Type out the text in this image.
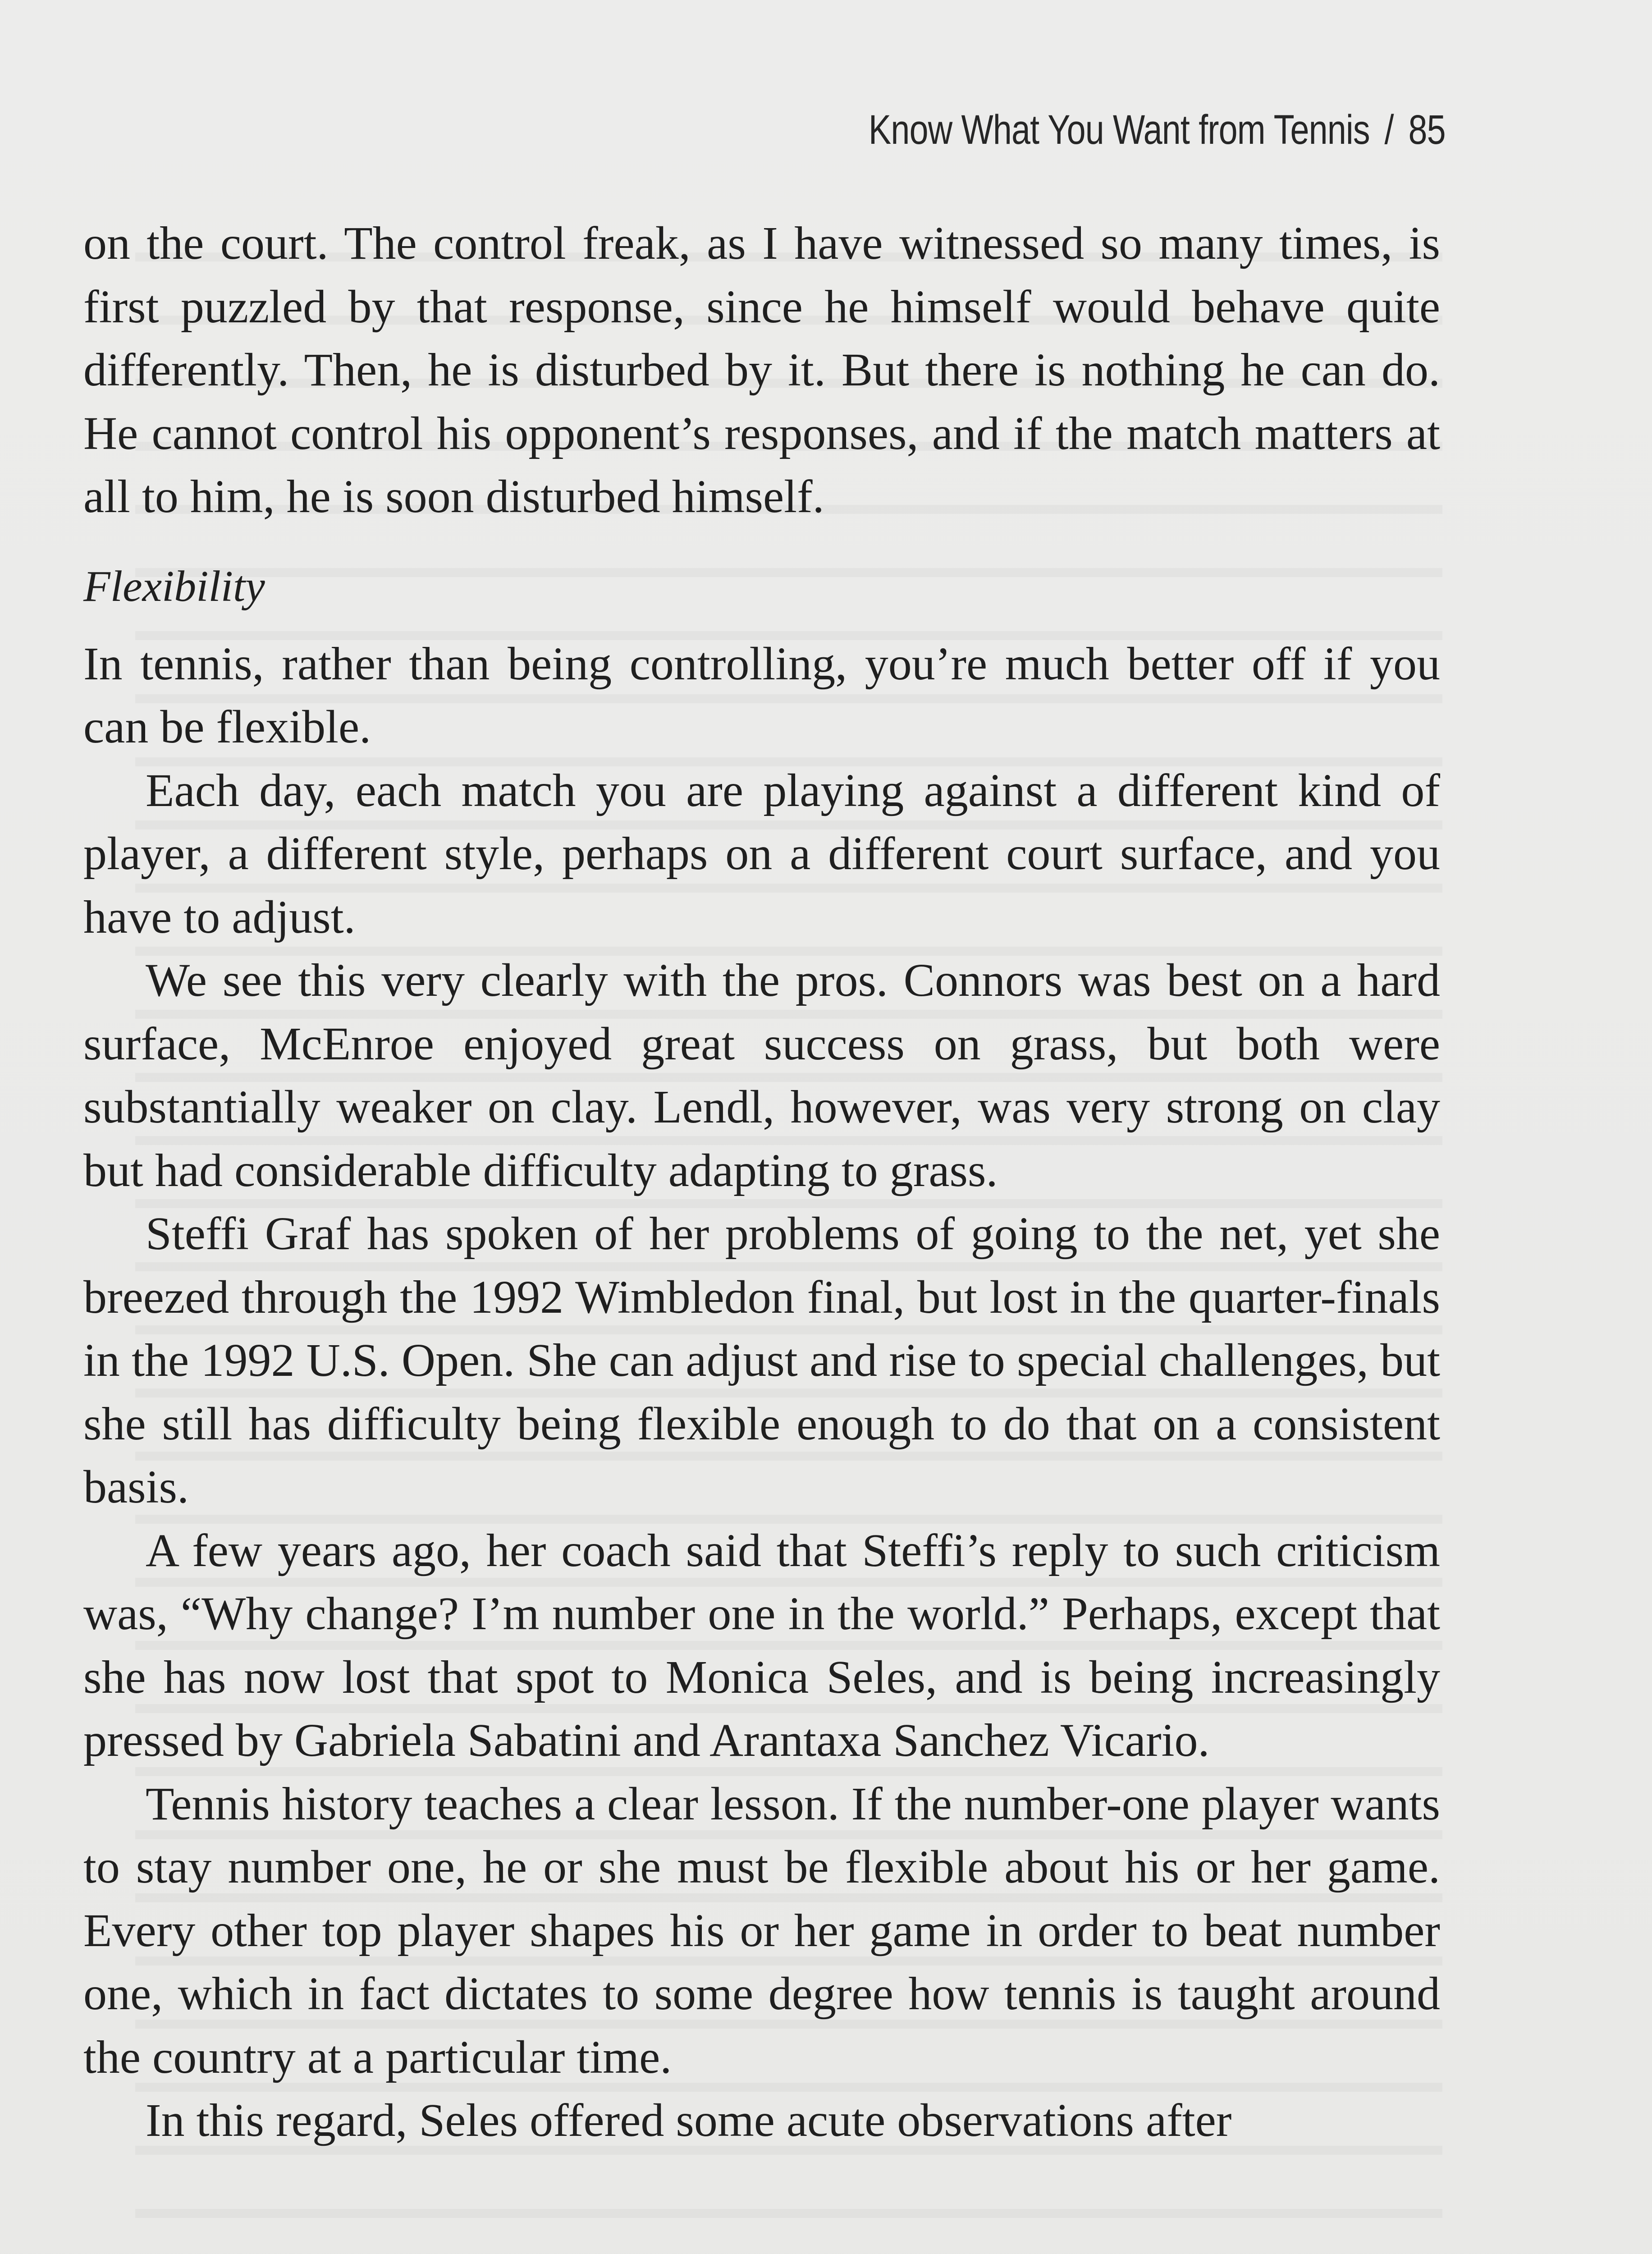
Know What You Want from Tennis / 85

on the court. The control freak, as I have witnessed so many times, is first puzzled by that response, since he himself would behave quite differently. Then, he is disturbed by it. But there is nothing he can do. He cannot control his opponent’s responses, and if the match matters at all to him, he is soon disturbed himself.

Flexibility

In tennis, rather than being controlling, you’re much better off if you can be flexible.

Each day, each match you are playing against a different kind of player, a different style, perhaps on a different court surface, and you have to adjust.

We see this very clearly with the pros. Connors was best on a hard surface, McEnroe enjoyed great success on grass, but both were substantially weaker on clay. Lendl, however, was very strong on clay but had considerable difficulty adapting to grass.

Steffi Graf has spoken of her problems of going to the net, yet she breezed through the 1992 Wimbledon final, but lost in the quarter-finals in the 1992 U.S. Open. She can adjust and rise to special challenges, but she still has difficulty being flexible enough to do that on a consistent basis.

A few years ago, her coach said that Steffi’s reply to such criticism was, “Why change? I’m number one in the world.” Perhaps, except that she has now lost that spot to Monica Seles, and is being increasingly pressed by Gabriela Sabatini and Arantaxa Sanchez Vicario.

Tennis history teaches a clear lesson. If the number-one player wants to stay number one, he or she must be flexible about his or her game. Every other top player shapes his or her game in order to beat number one, which in fact dictates to some degree how tennis is taught around the country at a particular time.

In this regard, Seles offered some acute observations after
